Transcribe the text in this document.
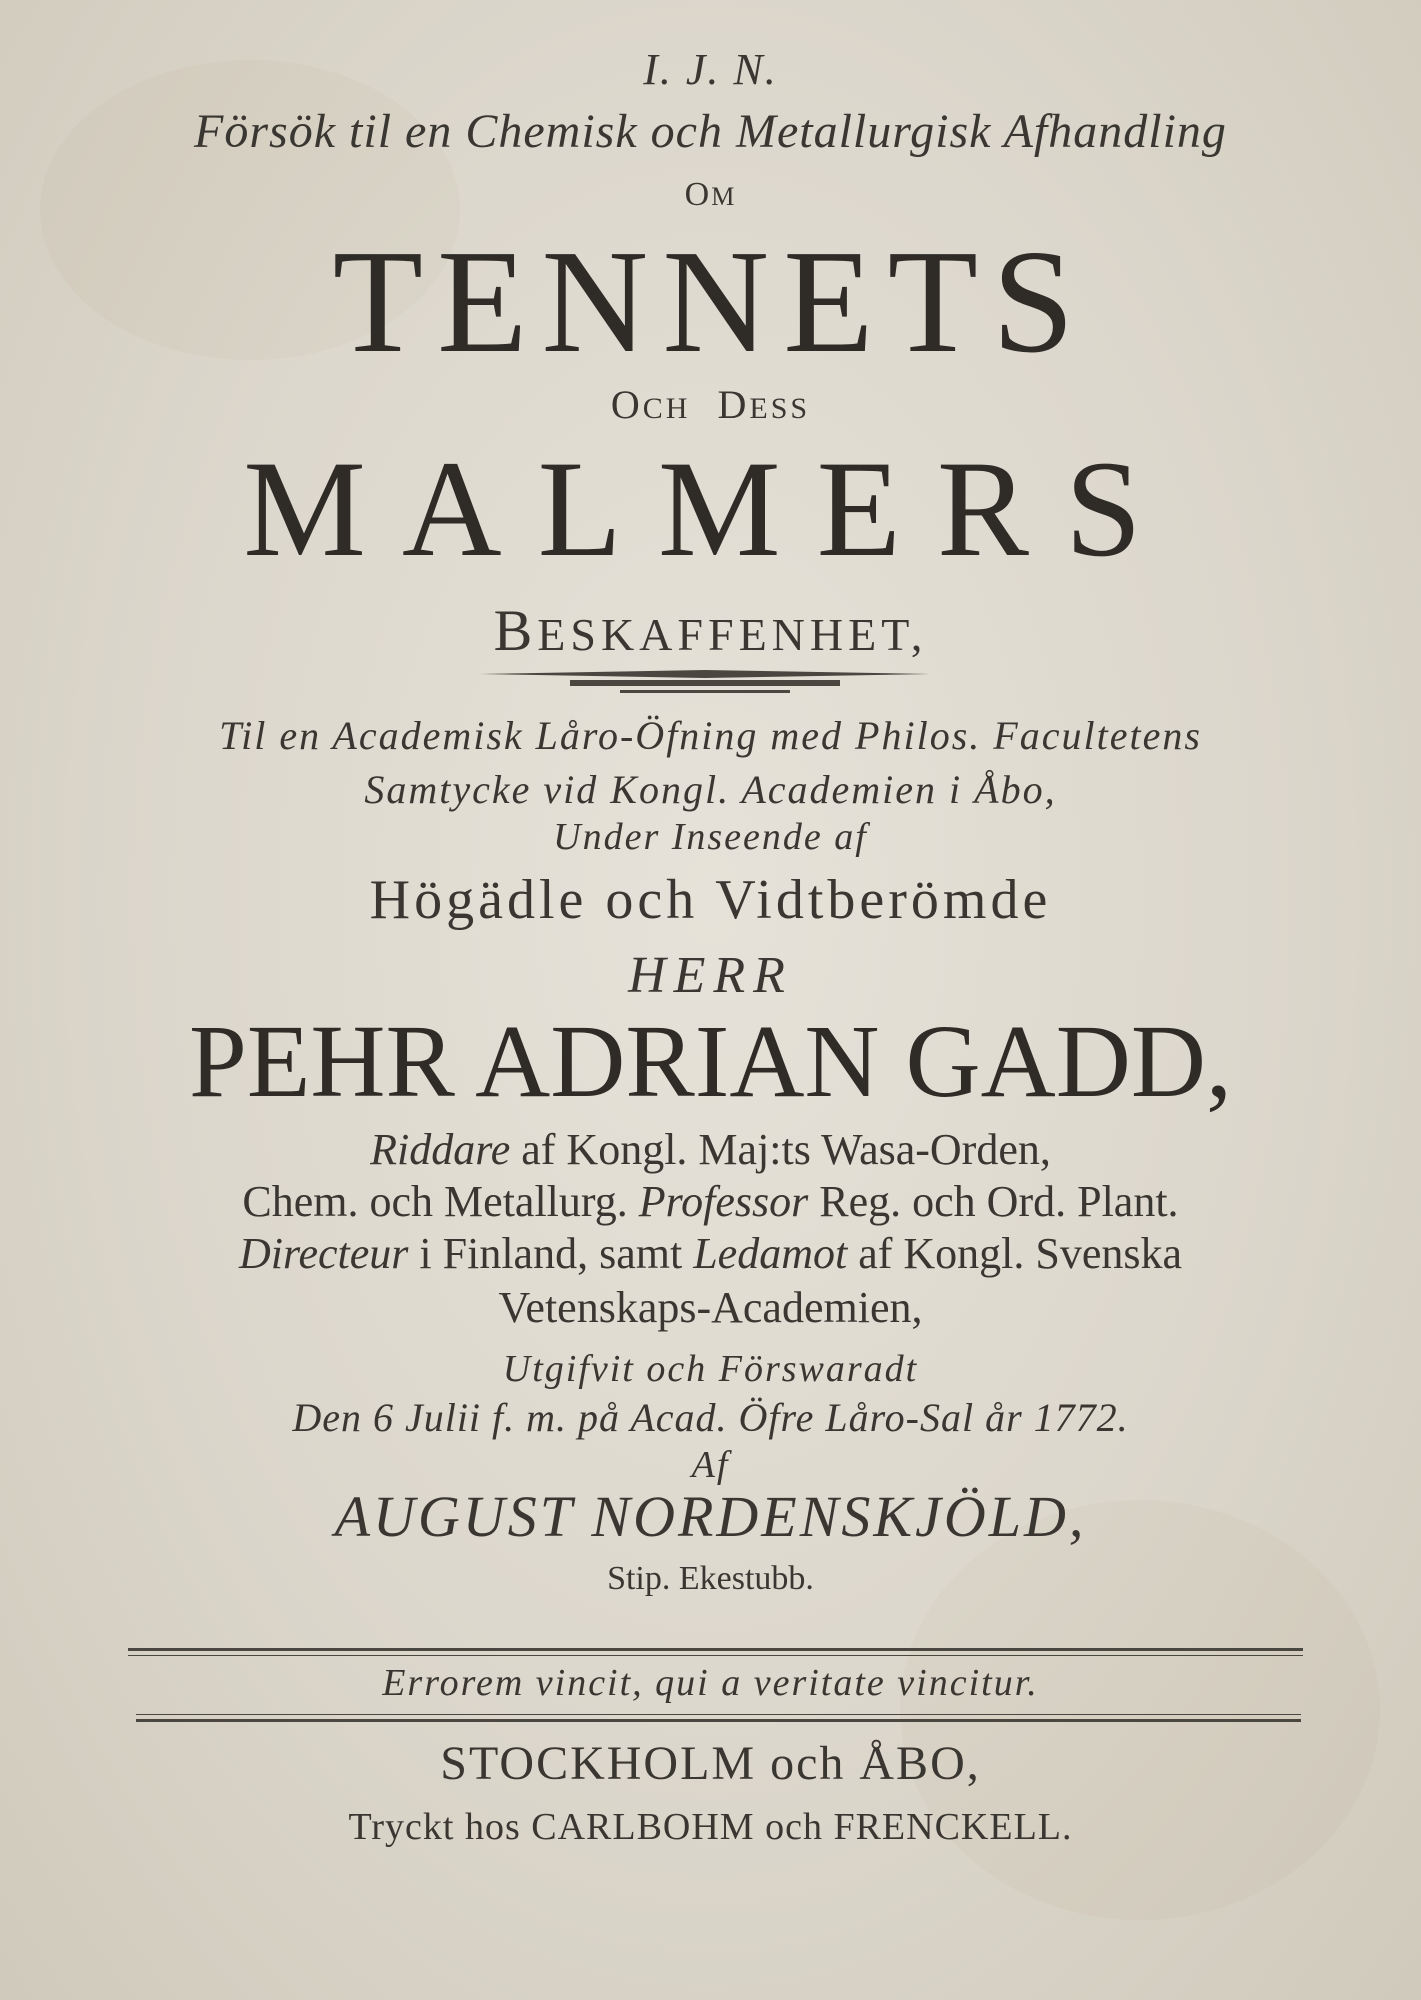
I. J. N.
Försök til en Chemisk och Metallurgisk Afhandling
OM
TENNETS
OCH DESS
MALMERS
BESKAFFENHET,
Til en Academisk Låro-Öfning med Philos. Facultetens
Samtycke vid Kongl. Academien i Åbo,
Under Inseende af
Högädle och Vidtberömde
HERR
PEHR ADRIAN GADD,
Riddare af Kongl. Maj:ts Wasa-Orden,
Chem. och Metallurg. Professor Reg. och Ord. Plant.
Directeur i Finland, samt Ledamot af Kongl. Svenska
Vetenskaps-Academien,
Utgifvit och Förswaradt
Den 6 Julii f. m. på Acad. Öfre Låro-Sal år 1772.
Af
AUGUST NORDENSKJÖLD,
Stip. Ekestubb.
Errorem vincit, qui a veritate vincitur.
STOCKHOLM och ÅBO,
Tryckt hos CARLBOHM och FRENCKELL.
